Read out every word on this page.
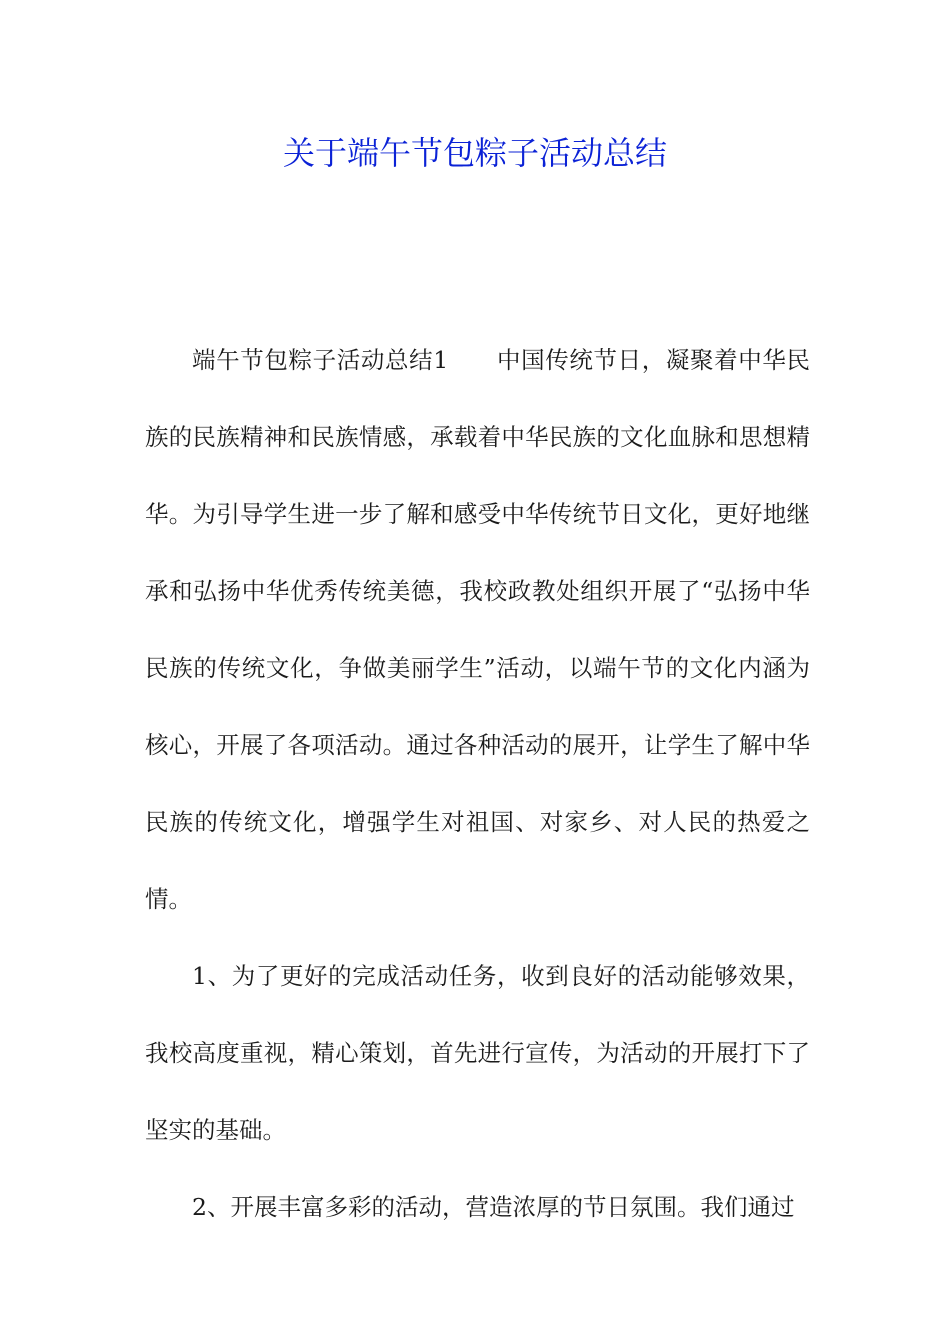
关于端午节包粽子活动总结

端午节包粽子活动总结1　　中国传统节日，凝聚着中华民族的民族精神和民族情感，承载着中华民族的文化血脉和思想精华。为引导学生进一步了解和感受中华传统节日文化，更好地继承和弘扬中华优秀传统美德，我校政教处组织开展了“弘扬中华民族的传统文化，争做美丽学生”活动，以端午节的文化内涵为核心，开展了各项活动。通过各种活动的展开，让学生了解中华民族的传统文化，增强学生对祖国、对家乡、对人民的热爱之情。

1、为了更好的完成活动任务，收到良好的活动能够效果，我校高度重视，精心策划，首先进行宣传，为活动的开展打下了坚实的基础。

2、开展丰富多彩的活动，营造浓厚的节日氛围。我们通过
